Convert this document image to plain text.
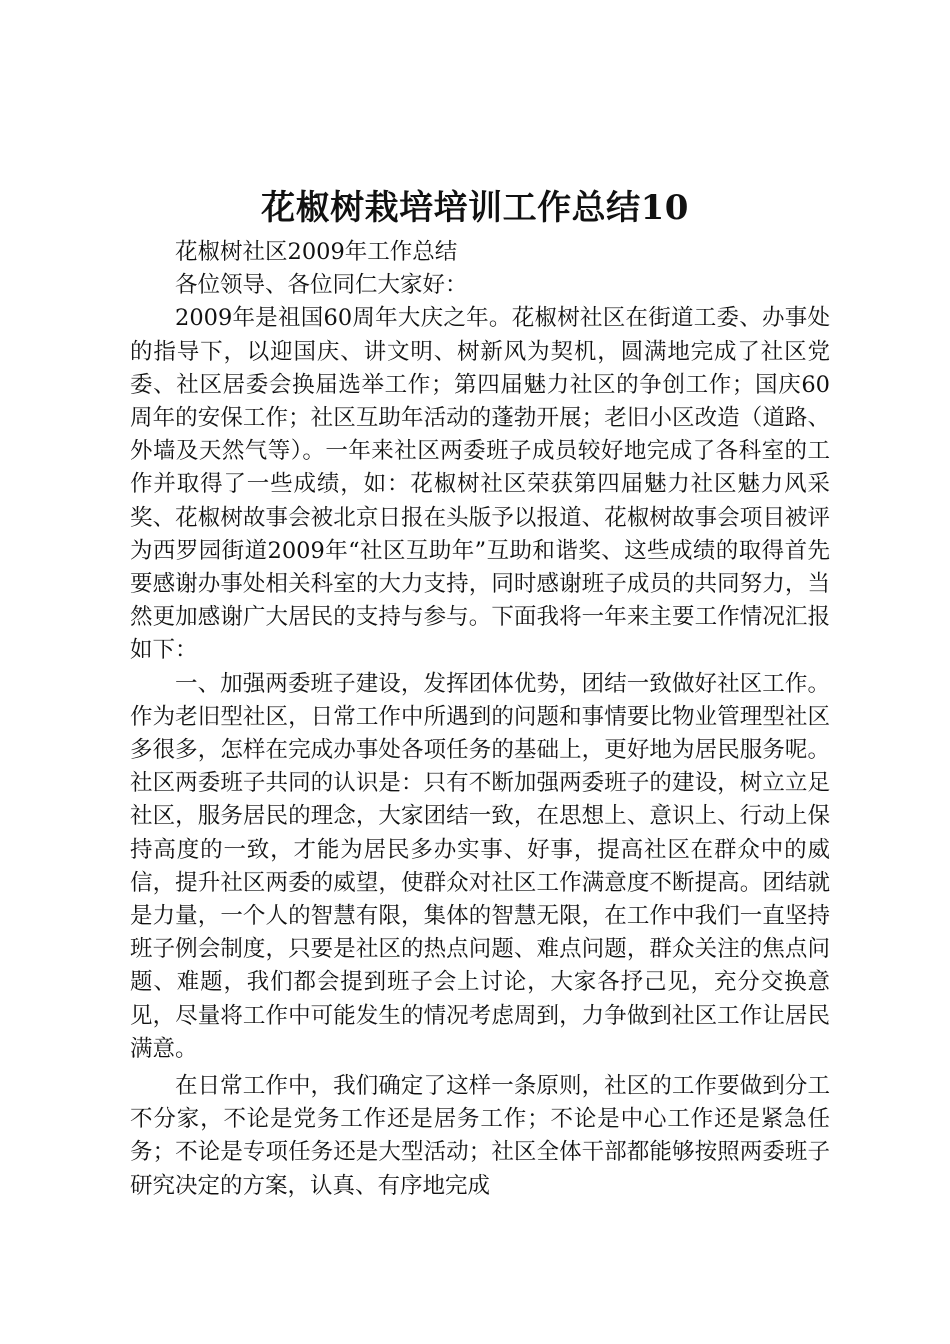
花椒树栽培培训工作总结10

花椒树社区2009年工作总结

各位领导、各位同仁大家好：

2009年是祖国60周年大庆之年。花椒树社区在街道工委、办事处的指导下，以迎国庆、讲文明、树新风为契机，圆满地完成了社区党委、社区居委会换届选举工作；第四届魅力社区的争创工作；国庆60周年的安保工作；社区互助年活动的蓬勃开展；老旧小区改造（道路、外墙及天然气等）。一年来社区两委班子成员较好地完成了各科室的工作并取得了一些成绩，如：花椒树社区荣获第四届魅力社区魅力风采奖、花椒树故事会被北京日报在头版予以报道、花椒树故事会项目被评为西罗园街道2009年“社区互助年”互助和谐奖、这些成绩的取得首先要感谢办事处相关科室的大力支持，同时感谢班子成员的共同努力，当然更加感谢广大居民的支持与参与。下面我将一年来主要工作情况汇报如下：

一、加强两委班子建设，发挥团体优势，团结一致做好社区工作。作为老旧型社区，日常工作中所遇到的问题和事情要比物业管理型社区多很多，怎样在完成办事处各项任务的基础上，更好地为居民服务呢。社区两委班子共同的认识是：只有不断加强两委班子的建设，树立立足社区，服务居民的理念，大家团结一致，在思想上、意识上、行动上保持高度的一致，才能为居民多办实事、好事，提高社区在群众中的威信，提升社区两委的威望，使群众对社区工作满意度不断提高。团结就是力量，一个人的智慧有限，集体的智慧无限，在工作中我们一直坚持班子例会制度，只要是社区的热点问题、难点问题，群众关注的焦点问题、难题，我们都会提到班子会上讨论，大家各抒己见，充分交换意见，尽量将工作中可能发生的情况考虑周到，力争做到社区工作让居民满意。

在日常工作中，我们确定了这样一条原则，社区的工作要做到分工不分家，不论是党务工作还是居务工作；不论是中心工作还是紧急任务；不论是专项任务还是大型活动；社区全体干部都能够按照两委班子研究决定的方案，认真、有序地完成
